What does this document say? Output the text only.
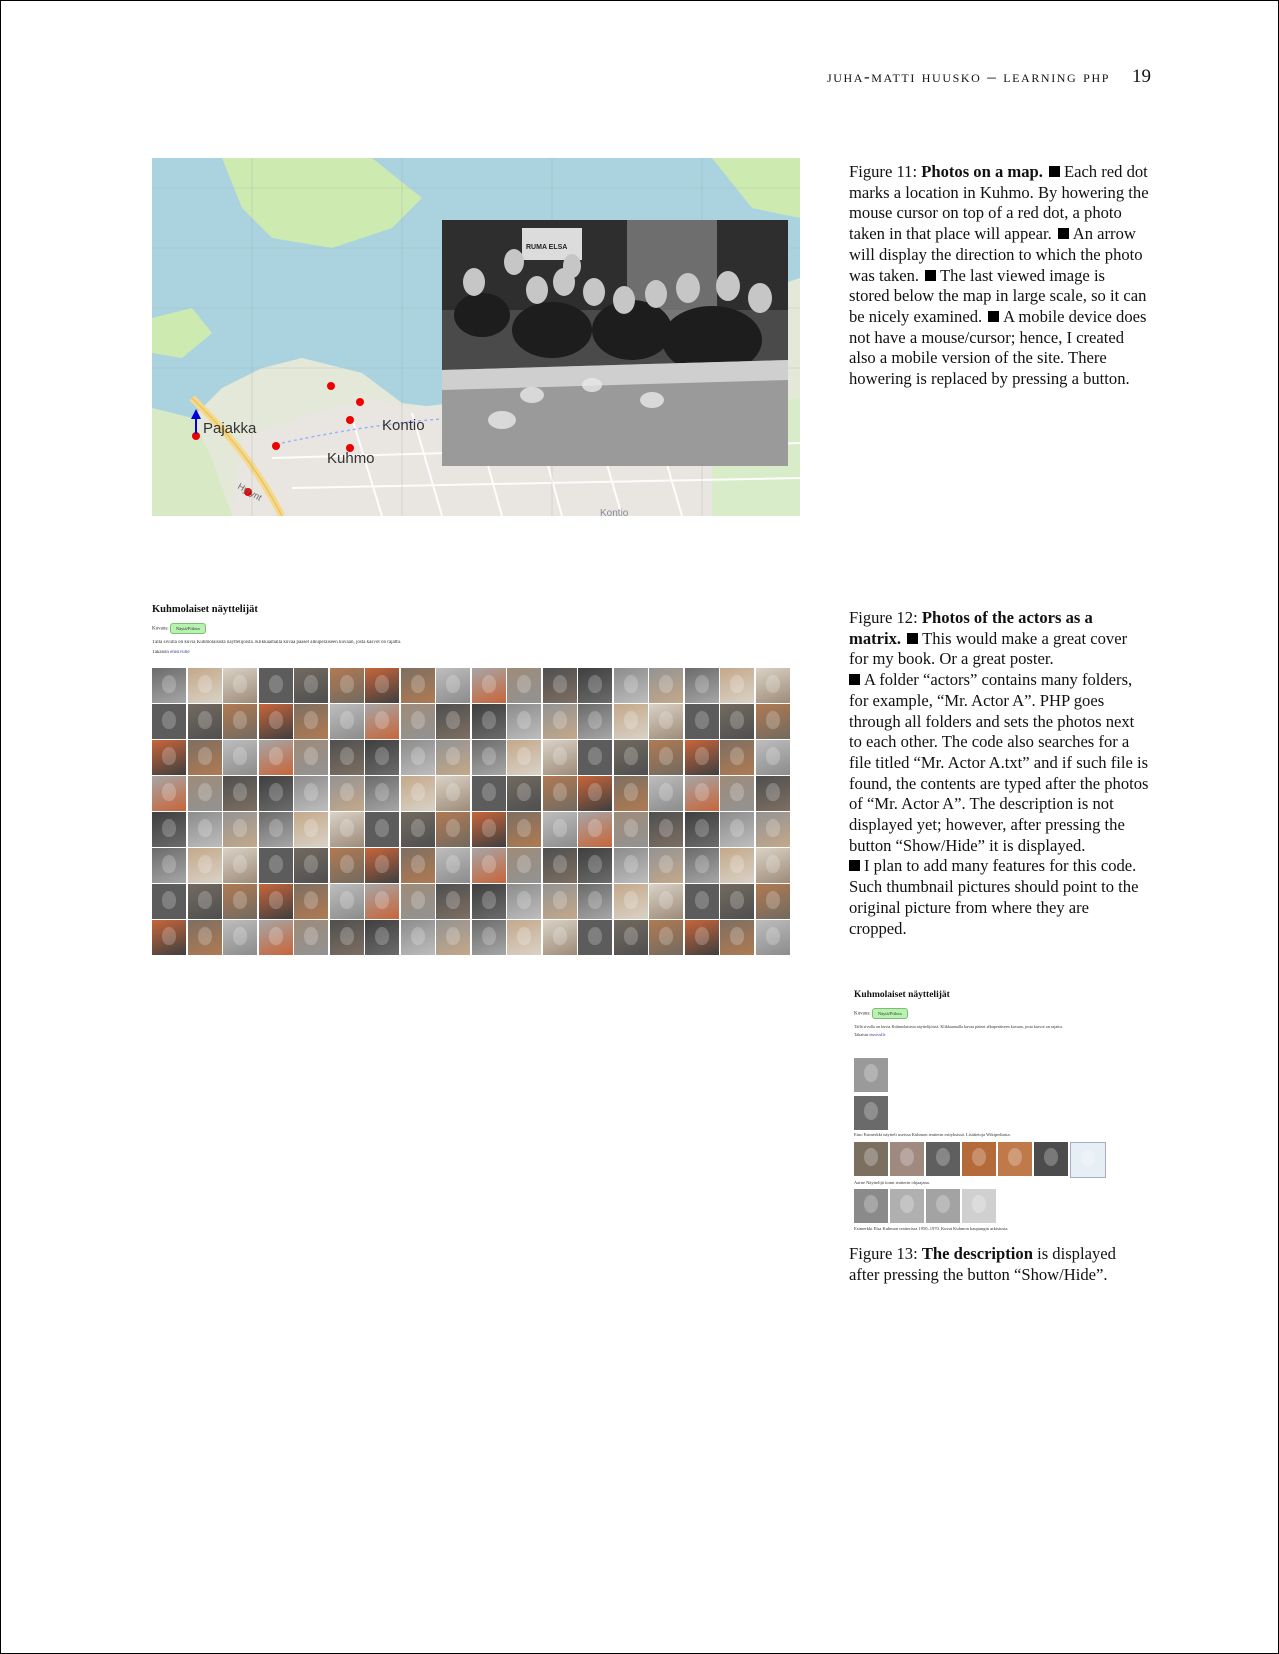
juha-matti huusko – learning php 19
Pajakka	Kontio
Kuhmo
Hyrynt
Kontio
RUMA ELSA
Figure 11: Photos on a map. Each red dot marks a location in Kuhmo. By howering the mouse cursor on top of a red dot, a photo taken in that place will appear. An arrow will display the direction to which the photo was taken. The last viewed image is stored below the map in large scale, so it can be nicely examined. A mobile device does not have a mouse/cursor; hence, I created also a mobile version of the site. There howering is replaced by pressing a button.
Kuhmolaiset näyttelijät
Kuvaus: Näytä/Piilota
Tällä sivulla on kuvia Kuhmolaisista näyttelijöistä. Klikkaamalla kuvaa pääset alkuperäiseen kuvaan, josta kasvot on rajattu.
Takaisin etusivulle
Figure 12: Photos of the actors as a matrix. This would make a great cover for my book. Or a great poster.
A folder “actors” contains many folders, for example, “Mr. Actor A”. PHP goes through all folders and sets the photos next to each other. The code also searches for a file titled “Mr. Actor A.txt” and if such file is found, the contents are typed after the photos of “Mr. Actor A”. The description is not displayed yet; however, after pressing the button “Show/Hide” it is displayed.
I plan to add many features for this code. Such thumbnail pictures should point to the original picture from where they are cropped.
Kuhmolaiset näyttelijät
Kuvaus: Näytä/Piilota
Tällä sivulla on kuvia Kuhmolaisista näyttelijöistä. Klikkaamalla kuvaa pääset alkuperäiseen kuvaan, josta kasvot on rajattu.
Takaisin etusivulle
Eino Esimerkki näytteli useissa Kuhmon teatterin esityksissä. Lisätietoja Wikipediasta.
Aarne Näyttelijä toimi teatterin ohjaajana.
Esimerkki Elsa Kuhmon teatterissa 1950–1970. Kuvat Kuhmon kaupungin arkistosta.
Figure 13: The description is displayed after pressing the button “Show/Hide”.
